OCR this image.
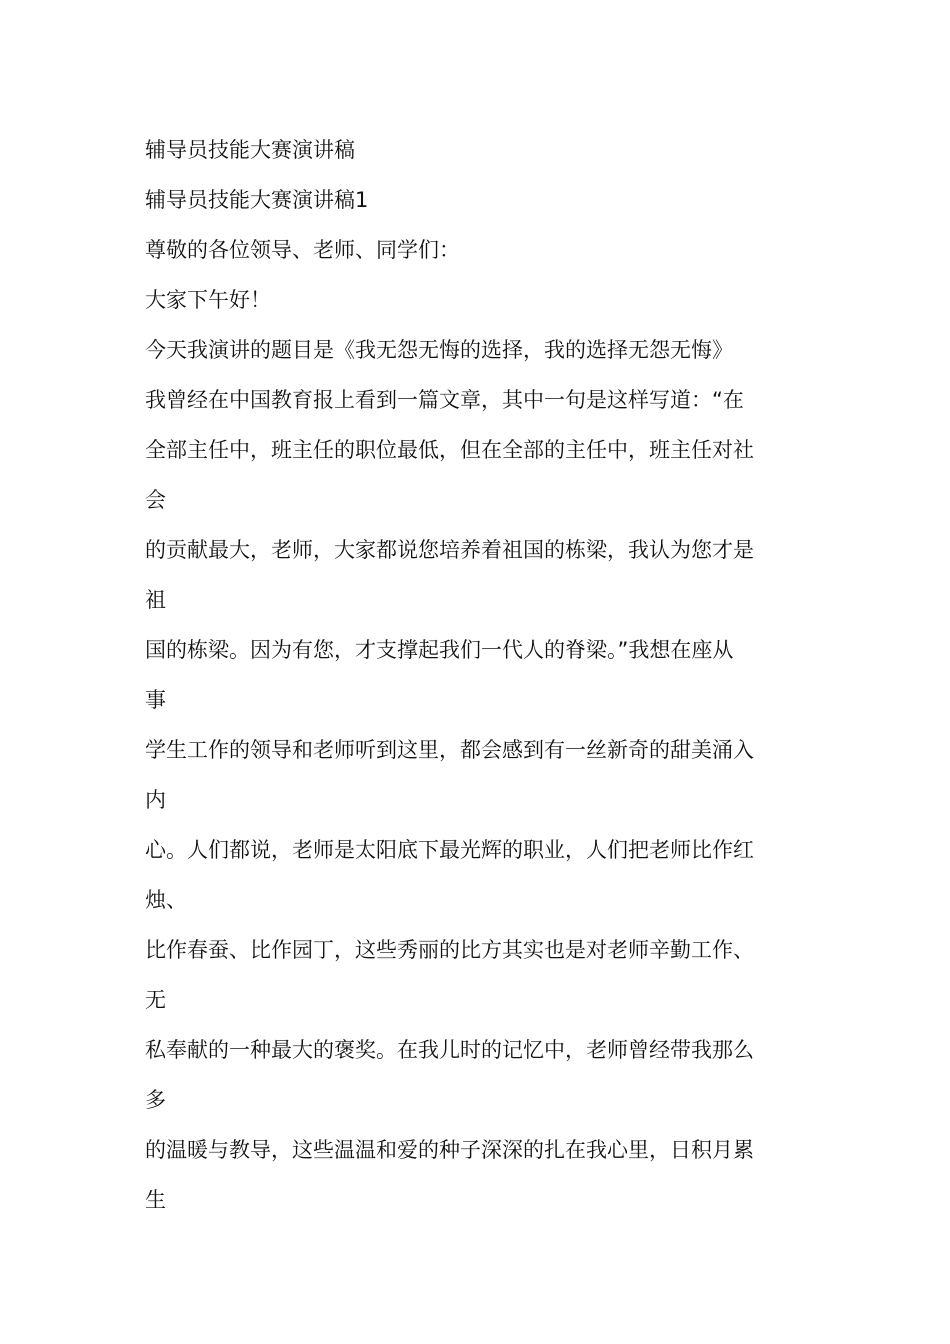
辅导员技能大赛演讲稿

辅导员技能大赛演讲稿1

尊敬的各位领导、老师、同学们：

大家下午好！

今天我演讲的题目是《我无怨无悔的选择，我的选择无怨无悔》

我曾经在中国教育报上看到一篇文章，其中一句是这样写道：“在

全部主任中，班主任的职位最低，但在全部的主任中，班主任对社

会

的贡献最大，老师，大家都说您培养着祖国的栋梁，我认为您才是

祖

国的栋梁。因为有您，才支撑起我们一代人的脊梁。”我想在座从

事

学生工作的领导和老师听到这里，都会感到有一丝新奇的甜美涌入

内

心。人们都说，老师是太阳底下最光辉的职业，人们把老师比作红

烛、

比作春蚕、比作园丁，这些秀丽的比方其实也是对老师辛勤工作、

无

私奉献的一种最大的褒奖。在我儿时的记忆中，老师曾经带我那么

多

的温暖与教导，这些温温和爱的种子深深的扎在我心里，日积月累

生
